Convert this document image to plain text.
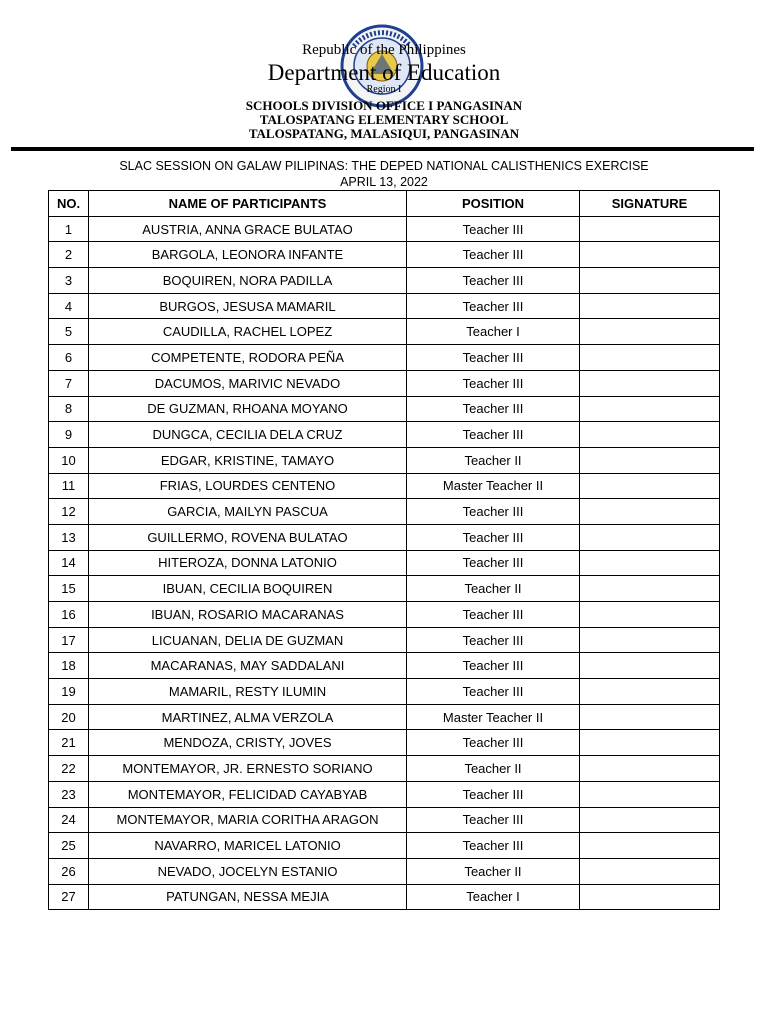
Republic of the Philippines
Department of Education
Region I
SCHOOLS DIVISION OFFICE I PANGASINAN
TALOSPATANG ELEMENTARY SCHOOL
TALOSPATANG, MALASIQUI, PANGASINAN
SLAC SESSION ON GALAW PILIPINAS: THE DEPED NATIONAL CALISTHENICS EXERCISE
APRIL 13, 2022
NO.	NAME OF PARTICIPANTS	POSITION	SIGNATURE
1	AUSTRIA, ANNA GRACE BULATAO	Teacher III	
2	BARGOLA, LEONORA INFANTE	Teacher III	
3	BOQUIREN, NORA PADILLA	Teacher III	
4	BURGOS, JESUSA MAMARIL	Teacher III	
5	CAUDILLA, RACHEL LOPEZ	Teacher I	
6	COMPETENTE, RODORA PEÑA	Teacher III	
7	DACUMOS, MARIVIC NEVADO	Teacher III	
8	DE GUZMAN, RHOANA MOYANO	Teacher III	
9	DUNGCA, CECILIA DELA CRUZ	Teacher III	
10	EDGAR, KRISTINE, TAMAYO	Teacher II	
11	FRIAS, LOURDES CENTENO	Master Teacher II	
12	GARCIA, MAILYN PASCUA	Teacher III	
13	GUILLERMO, ROVENA BULATAO	Teacher III	
14	HITEROZA, DONNA LATONIO	Teacher III	
15	IBUAN, CECILIA BOQUIREN	Teacher II	
16	IBUAN, ROSARIO MACARANAS	Teacher III	
17	LICUANAN, DELIA DE GUZMAN	Teacher III	
18	MACARANAS, MAY SADDALANI	Teacher III	
19	MAMARIL, RESTY ILUMIN	Teacher III	
20	MARTINEZ, ALMA VERZOLA	Master Teacher II	
21	MENDOZA, CRISTY, JOVES	Teacher III	
22	MONTEMAYOR, JR. ERNESTO SORIANO	Teacher II	
23	MONTEMAYOR, FELICIDAD CAYABYAB	Teacher III	
24	MONTEMAYOR, MARIA CORITHA ARAGON	Teacher III	
25	NAVARRO, MARICEL LATONIO	Teacher III	
26	NEVADO, JOCELYN ESTANIO	Teacher II	
27	PATUNGAN, NESSA MEJIA	Teacher I	
